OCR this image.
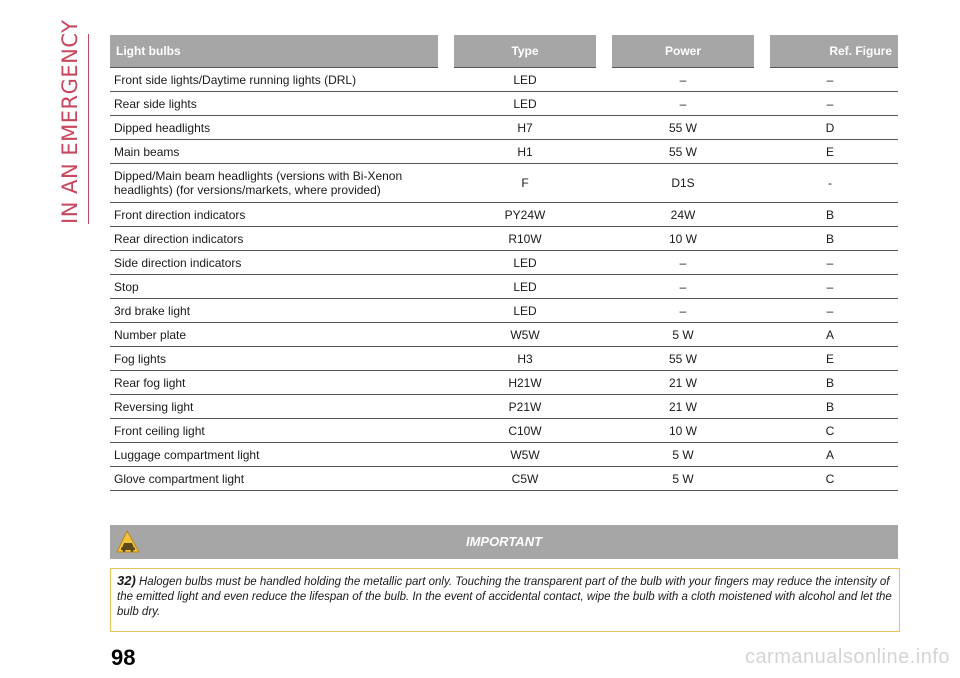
IN AN EMERGENCY	Light bulbs	Type	Power	Ref. Figure
Front side lights/Daytime running lights (DRL)	LED	–	–
Rear side lights	LED	–	–
Dipped headlights	H7	55 W	D
Main beams	H1	55 W	E
Dipped/Main beam headlights (versions with Bi-Xenon headlights) (for versions/markets, where provided)	F	D1S	-
Front direction indicators	PY24W	24W	B
Rear direction indicators	R10W	10 W	B
Side direction indicators	LED	–	–
Stop	LED	–	–
3rd brake light	LED	–	–
Number plate	W5W	5 W	A
Fog lights	H3	55 W	E
Rear fog light	H21W	21 W	B
Reversing light	P21W	21 W	B
Front ceiling light	C10W	10 W	C
Luggage compartment light	W5W	5 W	A
Glove compartment light	C5W	5 W	C
IMPORTANT
32) Halogen bulbs must be handled holding the metallic part only. Touching the transparent part of the bulb with your fingers may reduce the intensity of the emitted light and even reduce the lifespan of the bulb. In the event of accidental contact, wipe the bulb with a cloth moistened with alcohol and let the bulb dry.
98	carmanualsonline.info
